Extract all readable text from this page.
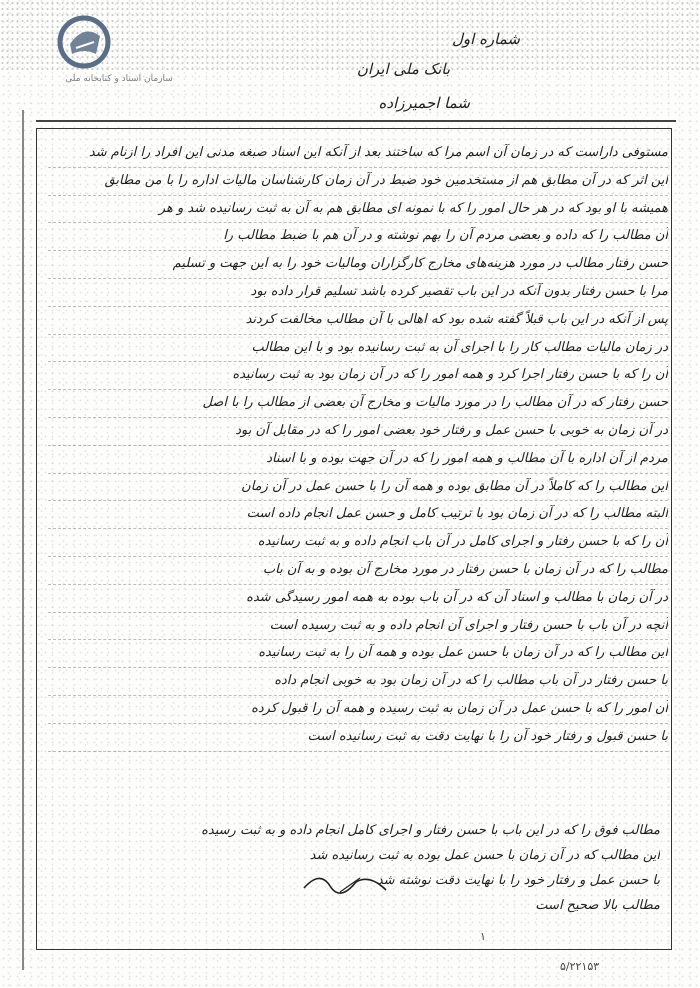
سازمان اسناد و کتابخانه ملی
شماره اول
بانک ملی ایران
شما اجمیرزاده
مستوفی داراست که در زمان آن اسم مرا که ساختند بعد از آنکه این اسناد صبغه مدنی این افراد را ازنام شد
این اثر که در آن مطابق هم از مستخدمین خود ضبط در آن زمان کارشناسان مالیات اداره را با من مطابق
همیشه با او بود که در هر حال امور را که با نمونه ای مطابق هم به آن به ثبت رسانیده شد و هر
آن مطالب را که داده و بعضی مردم آن را بهم نوشته و در آن هم با ضبط مطالب را
حسن رفتار مطالب در مورد هزینه‌های مخارج کارگزاران ومالیات خود را به این جهت و تسلیم
مرا با حسن رفتار بدون آنکه در این باب تقصیر کرده باشد تسلیم قرار داده بود
پس از آنکه در این باب قبلاً گفته شده بود که اهالی با آن مطالب مخالفت کردند
در زمان مالیات مطالب کار را با اجرای آن به ثبت رسانیده بود و با این مطالب
آن را که با حسن رفتار اجرا کرد و همه امور را که در آن زمان بود به ثبت رسانیده
حسن رفتار که در آن مطالب را در مورد مالیات و مخارج آن بعضی از مطالب را با اصل
در آن زمان به خوبی با حسن عمل و رفتار خود بعضی امور را که در مقابل آن بود
مردم از آن اداره با آن مطالب و همه امور را که در آن جهت بوده و با اسناد
این مطالب را که کاملاً در آن مطابق بوده و همه آن را با حسن عمل در آن زمان
البته مطالب را که در آن زمان بود با ترتیب کامل و حسن عمل انجام داده است
آن را که با حسن رفتار و اجرای کامل در آن باب انجام داده و به ثبت رسانیده
مطالب را که در آن زمان با حسن رفتار در مورد مخارج آن بوده و به آن باب
در آن زمان با مطالب و اسناد آن که در آن باب بوده به همه امور رسیدگی شده
آنچه در آن باب با حسن رفتار و اجرای آن انجام داده و به ثبت رسیده است
این مطالب را که در آن زمان با حسن عمل بوده و همه آن را به ثبت رسانیده
با حسن رفتار در آن باب مطالب را که در آن زمان بود به خوبی انجام داده
آن امور را که با حسن عمل در آن زمان به ثبت رسیده و همه آن را قبول کرده
با حسن قبول و رفتار خود آن را با نهایت دقت به ثبت رسانیده است
مطالب فوق را که در این باب با حسن رفتار و اجرای کامل انجام داده و به ثبت رسیده
این مطالب که در آن زمان با حسن عمل بوده به ثبت رسانیده شد
با حسن عمل و رفتار خود را با نهایت دقت نوشته شد
مطالب بالا صحیح است
۱
۵/۲۲۱۵۳
